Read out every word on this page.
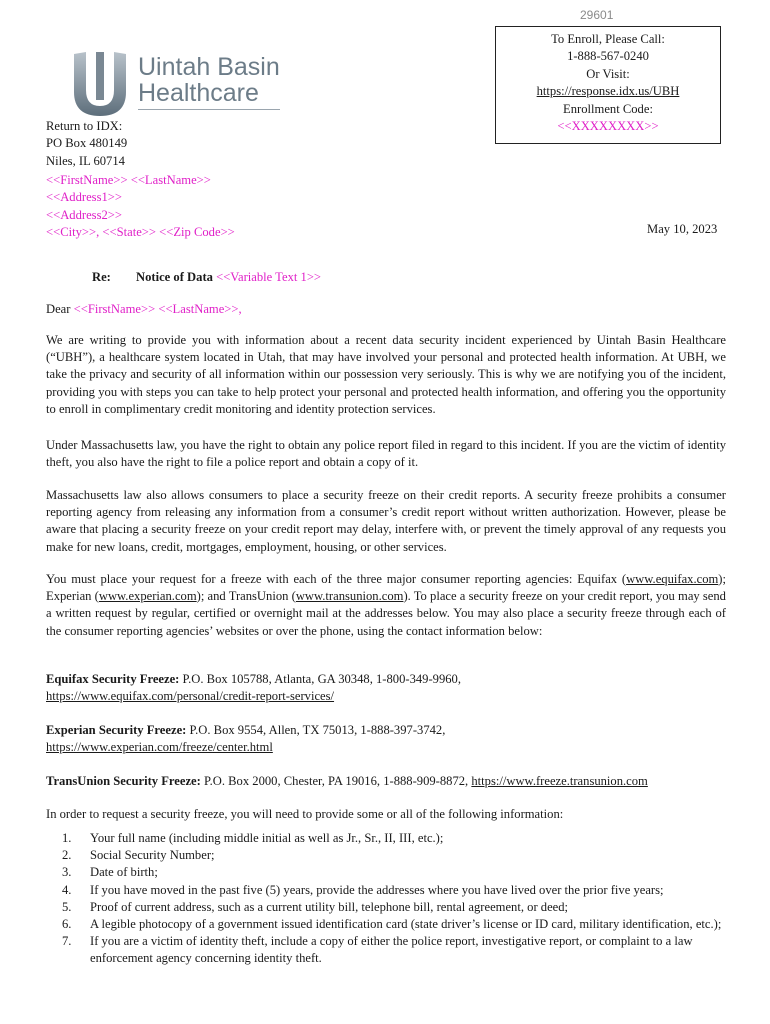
29601
Uintah Basin
Healthcare
To Enroll, Please Call:
1-888-567-0240
Or Visit:
https://response.idx.us/UBH
Enrollment Code:
<<XXXXXXXX>>
Return to IDX:
PO Box 480149
Niles, IL 60714
<<FirstName>> <<LastName>>
<<Address1>>
<<Address2>>
<<City>>, <<State>> <<Zip Code>>	May 10, 2023
Re: Notice of Data <<Variable Text 1>>
Dear <<FirstName>> <<LastName>>,
We are writing to provide you with information about a recent data security incident experienced by Uintah Basin Healthcare (“UBH”), a healthcare system located in Utah, that may have involved your personal and protected health information. At UBH, we take the privacy and security of all information within our possession very seriously. This is why we are notifying you of the incident, providing you with steps you can take to help protect your personal and protected health information, and offering you the opportunity to enroll in complimentary credit monitoring and identity protection services.
Under Massachusetts law, you have the right to obtain any police report filed in regard to this incident. If you are the victim of identity theft, you also have the right to file a police report and obtain a copy of it.
Massachusetts law also allows consumers to place a security freeze on their credit reports. A security freeze prohibits a consumer reporting agency from releasing any information from a consumer’s credit report without written authorization. However, please be aware that placing a security freeze on your credit report may delay, interfere with, or prevent the timely approval of any requests you make for new loans, credit, mortgages, employment, housing, or other services.
You must place your request for a freeze with each of the three major consumer reporting agencies: Equifax (www.equifax.com); Experian (www.experian.com); and TransUnion (www.transunion.com). To place a security freeze on your credit report, you may send a written request by regular, certified or overnight mail at the addresses below. You may also place a security freeze through each of the consumer reporting agencies’ websites or over the phone, using the contact information below:
Equifax Security Freeze: P.O. Box 105788, Atlanta, GA 30348, 1-800-349-9960,
https://www.equifax.com/personal/credit-report-services/
Experian Security Freeze: P.O. Box 9554, Allen, TX 75013, 1-888-397-3742,
https://www.experian.com/freeze/center.html
TransUnion Security Freeze: P.O. Box 2000, Chester, PA 19016, 1-888-909-8872, https://www.freeze.transunion.com
In order to request a security freeze, you will need to provide some or all of the following information:
1. Your full name (including middle initial as well as Jr., Sr., II, III, etc.);
2. Social Security Number;
3. Date of birth;
4. If you have moved in the past five (5) years, provide the addresses where you have lived over the prior five years;
5. Proof of current address, such as a current utility bill, telephone bill, rental agreement, or deed;
6. A legible photocopy of a government issued identification card (state driver’s license or ID card, military identification, etc.);
7. If you are a victim of identity theft, include a copy of either the police report, investigative report, or complaint to a law enforcement agency concerning identity theft.
